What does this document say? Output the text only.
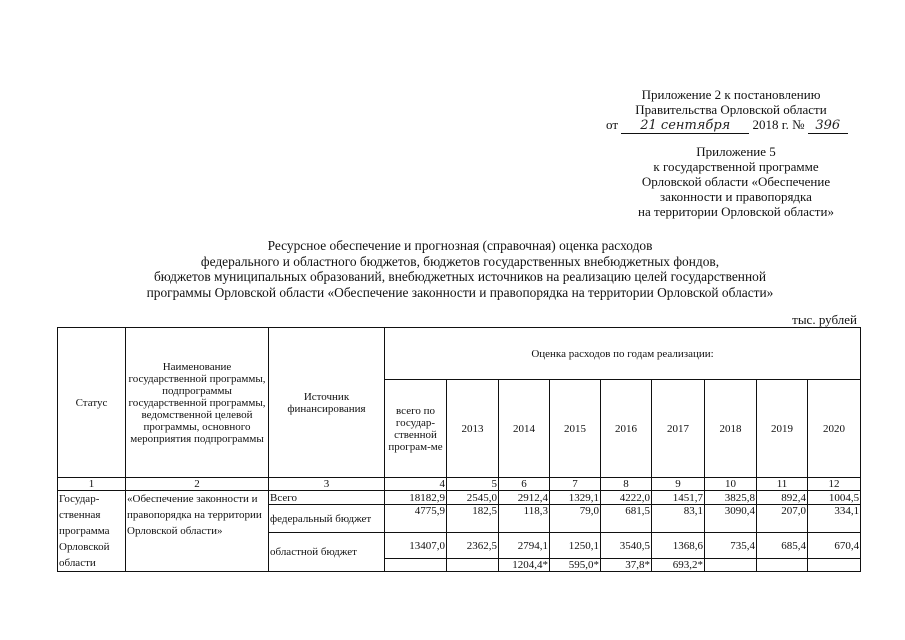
Приложение 2 к постановлению
Правительства Орловской области
от 21 сентября 2018 г. № 396
Приложение 5
к государственной программе
Орловской области «Обеспечение
законности и правопорядка
на территории Орловской области»
Ресурсное обеспечение и прогнозная (справочная) оценка расходов
федерального и областного бюджетов, бюджетов государственных внебюджетных фондов,
бюджетов муниципальных образований, внебюджетных источников на реализацию целей государственной
программы Орловской области «Обеспечение законности и правопорядка на территории Орловской области»
тыс. рублей
Статус	Наименование государственной программы, подпрограммы государственной программы, ведомственной целевой программы, основного мероприятия подпрограммы	Источник финансирования	Оценка расходов по годам реализации:								
			всего по государ-ственной програм-ме	2013	2014	2015	2016	2017	2018	2019	2020
1	2	3	4	5	6	7	8	9	10	11	12
Государ-ственная программа Орловской области	«Обеспечение законности и правопорядка на территории Орловской области»	Всего	18182,9	2545,0	2912,4	1329,1	4222,0	1451,7	3825,8	892,4	1004,5
		федеральный бюджет	4775,9	182,5	118,3	79,0	681,5	83,1	3090,4	207,0	334,1
		областной бюджет	13407,0	2362,5	2794,1	1250,1	3540,5	1368,6	735,4	685,4	670,4
					1204,4*	595,0*	37,8*	693,2*			
